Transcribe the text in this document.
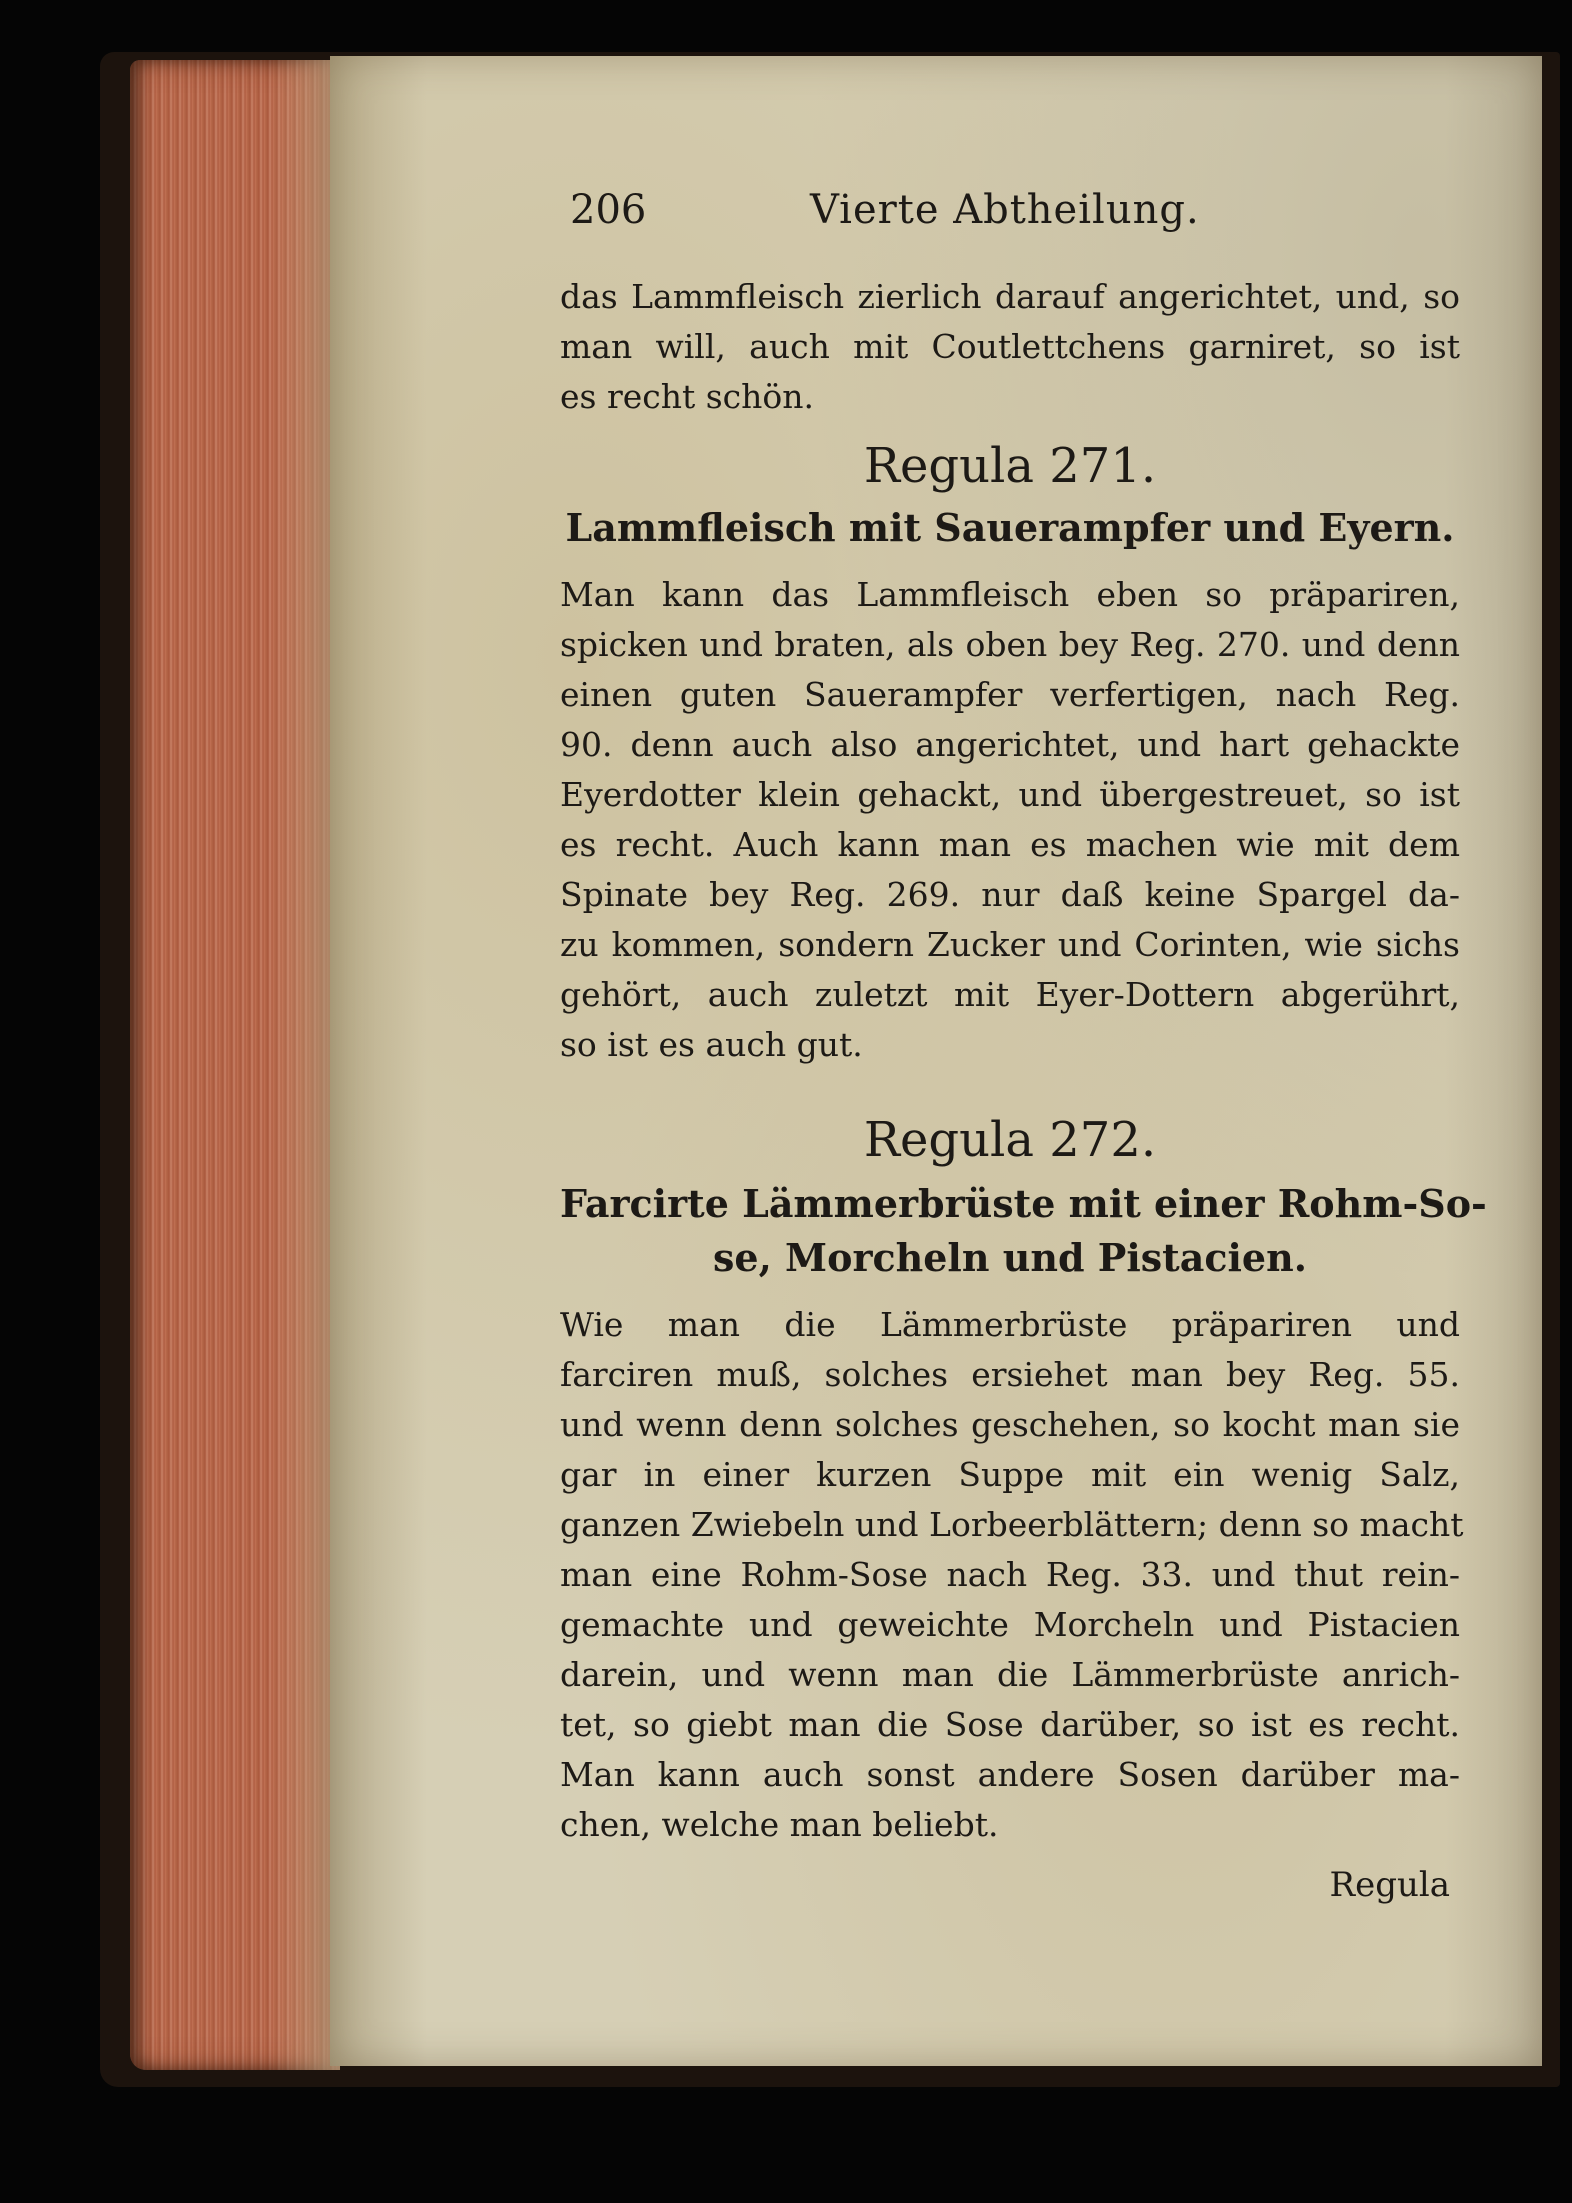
206	Vierte Abtheilung.
das Lammfleisch zierlich darauf angerichtet, und, so
man will, auch mit Coutlettchens garniret, so ist
es recht schön.
Regula 271.
Lammfleisch mit Sauerampfer und Eyern.
Man kann das Lammfleisch eben so präpariren,
spicken und braten, als oben bey Reg. 270. und denn
einen guten Sauerampfer verfertigen, nach Reg.
90. denn auch also angerichtet, und hart gehackte
Eyerdotter klein gehackt, und übergestreuet, so ist
es recht. Auch kann man es machen wie mit dem
Spinate bey Reg. 269. nur daß keine Spargel da-
zu kommen, sondern Zucker und Corinten, wie sichs
gehört, auch zuletzt mit Eyer-Dottern abgerührt,
so ist es auch gut.
Regula 272.
Farcirte Lämmerbrüste mit einer Rohm-So-
se, Morcheln und Pistacien.
Wie man die Lämmerbrüste präpariren und
farciren muß, solches ersiehet man bey Reg. 55.
und wenn denn solches geschehen, so kocht man sie
gar in einer kurzen Suppe mit ein wenig Salz,
ganzen Zwiebeln und Lorbeerblättern; denn so macht
man eine Rohm-Sose nach Reg. 33. und thut rein-
gemachte und geweichte Morcheln und Pistacien
darein, und wenn man die Lämmerbrüste anrich-
tet, so giebt man die Sose darüber, so ist es recht.
Man kann auch sonst andere Sosen darüber ma-
chen, welche man beliebt.
Regula
